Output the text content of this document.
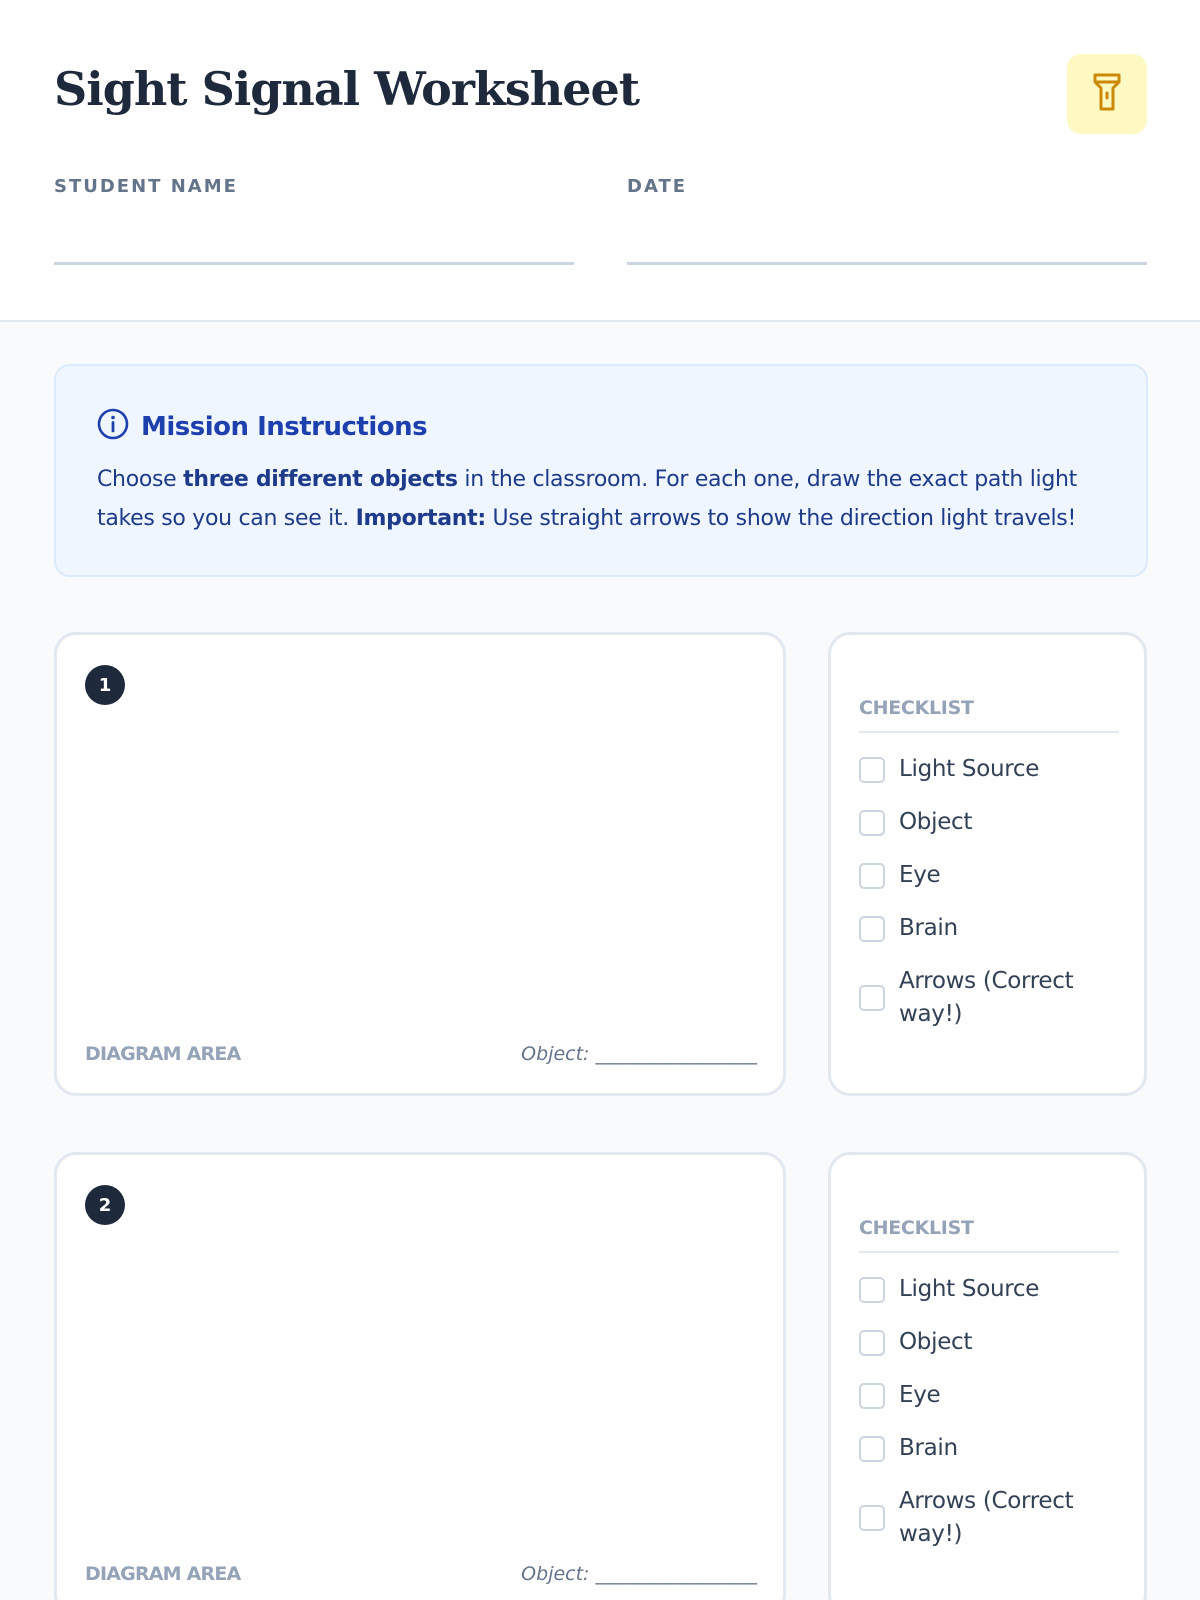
Sight Signal Worksheet
STUDENT NAME	DATE
Mission Instructions

Choose three different objects in the classroom. For each one, draw the exact path light takes so you can see it. Important: Use straight arrows to show the direction light travels!

1
DIAGRAM AREA	Object: _________________
CHECKLIST
Light Source
Object
Eye
Brain
Arrows (Correct way!)
2
DIAGRAM AREA	Object: _________________
CHECKLIST
Light Source
Object
Eye
Brain
Arrows (Correct way!)
